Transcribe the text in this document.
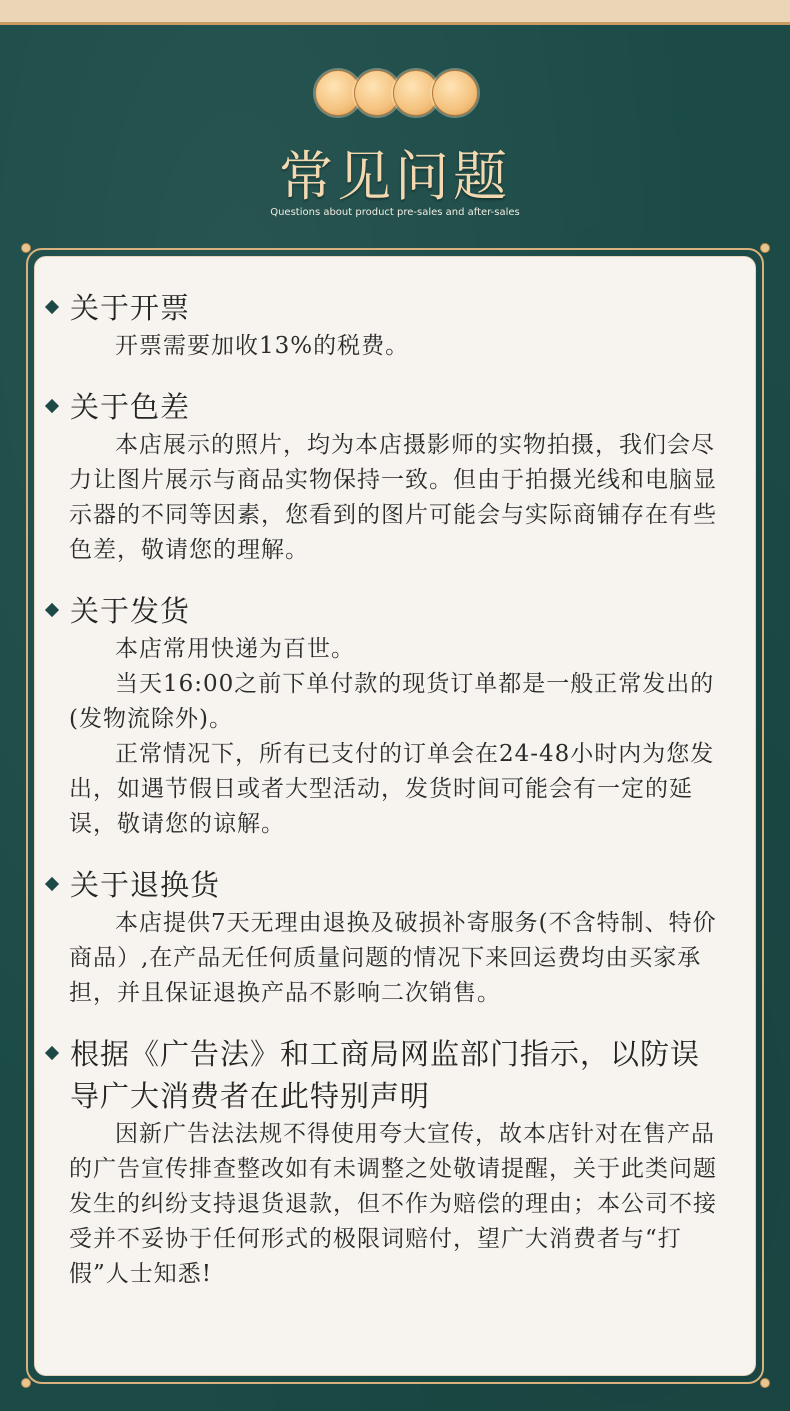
常见问题
Questions about product pre-sales and after-sales
关于开票

开票需要加收13%的税费。

关于色差

本店展示的照片，均为本店摄影师的实物拍摄，我们会尽力让图片展示与商品实物保持一致。但由于拍摄光线和电脑显示器的不同等因素，您看到的图片可能会与实际商铺存在有些色差，敬请您的理解。

关于发货

本店常用快递为百世。

当天16:00之前下单付款的现货订单都是一般正常发出的(发物流除外)。

正常情况下，所有已支付的订单会在24-48小时内为您发出，如遇节假日或者大型活动，发货时间可能会有一定的延误，敬请您的谅解。

关于退换货

本店提供7天无理由退换及破损补寄服务(不含特制、特价商品）,在产品无任何质量问题的情况下来回运费均由买家承担，并且保证退换产品不影响二次销售。

根据《广告法》和工商局网监部门指示，以防误导广大消费者在此特别声明

因新广告法法规不得使用夸大宣传，故本店针对在售产品的广告宣传排查整改如有未调整之处敬请提醒，关于此类问题发生的纠纷支持退货退款，但不作为赔偿的理由；本公司不接受并不妥协于任何形式的极限词赔付，望广大消费者与“打假”人士知悉!
